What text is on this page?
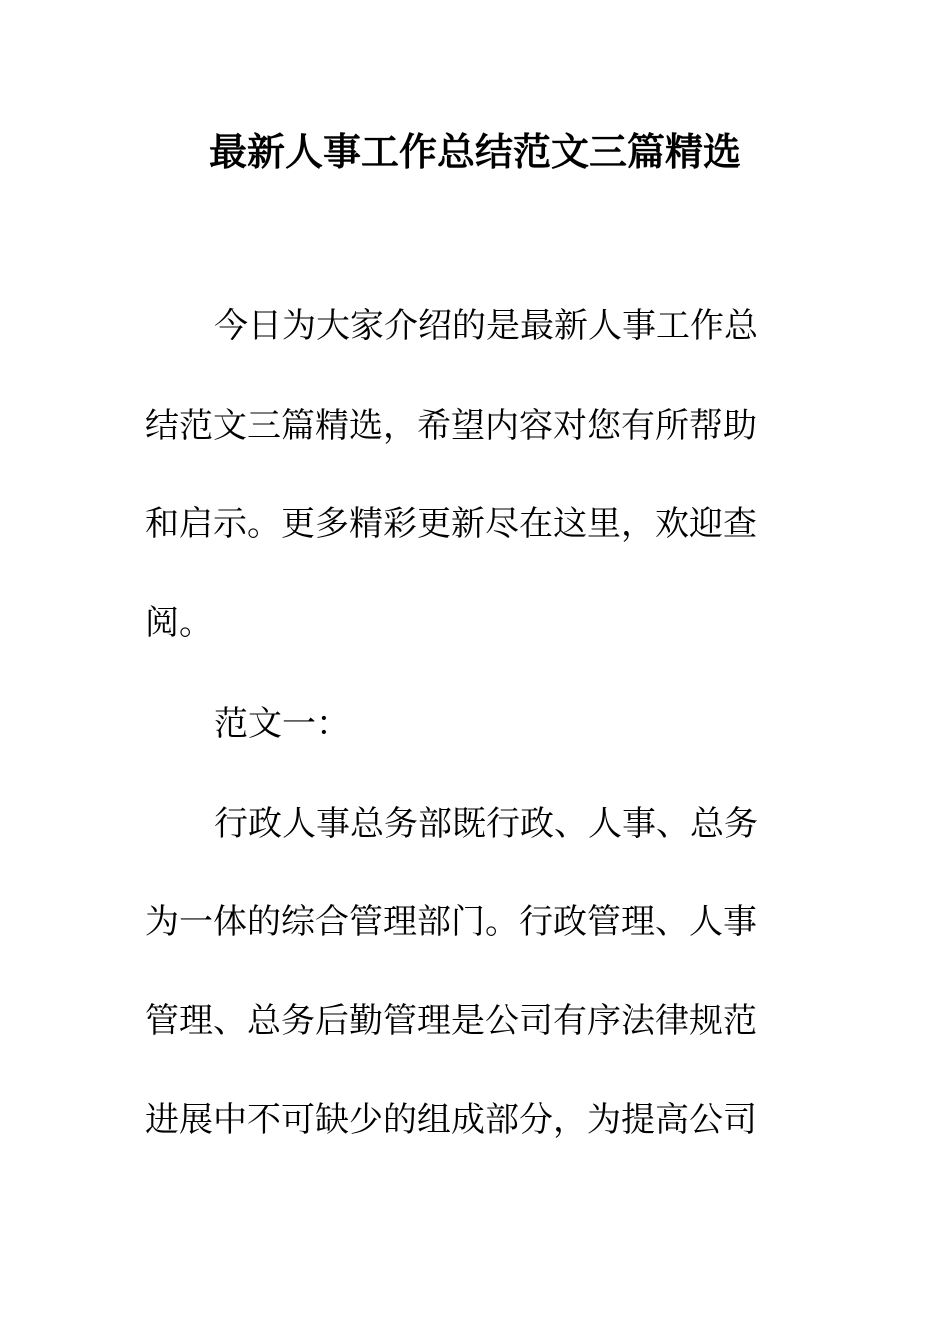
最新人事工作总结范文三篇精选
今日为大家介绍的是最新人事工作总
结范文三篇精选，希望内容对您有所帮助
和启示。更多精彩更新尽在这里，欢迎查
阅。
范文一：
行政人事总务部既行政、人事、总务
为一体的综合管理部门。行政管理、人事
管理、总务后勤管理是公司有序法律规范
进展中不可缺少的组成部分，为提高公司
